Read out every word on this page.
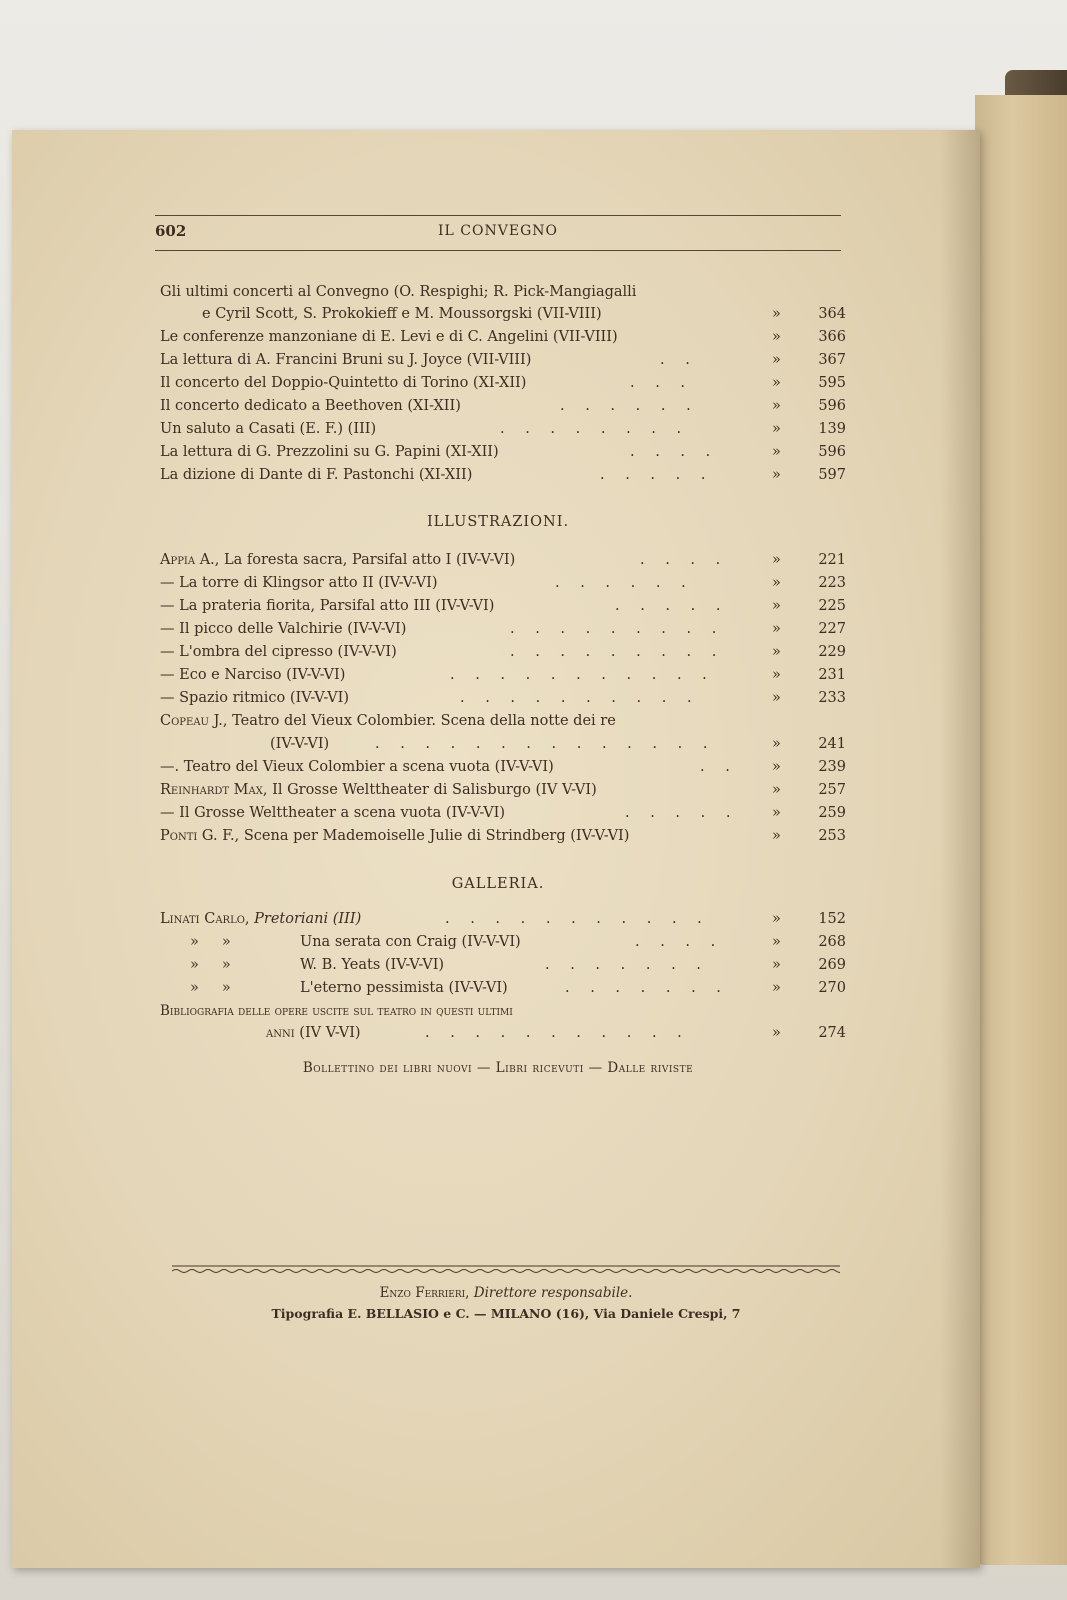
602	IL CONVEGNO
Gli ultimi concerti al Convegno (O. Respighi; R. Pick-Mangiagalli
e Cyril Scott, S. Prokokieff e M. Moussorgski (VII-VIII)	»	364
Le conferenze manzoniane di E. Levi e di C. Angelini (VII-VIII)	»	366
La lettura di A. Francini Bruni su J. Joyce (VII-VIII)	. .	»	367
Il concerto del Doppio-Quintetto di Torino (XI-XII)	. . .	»	595
Il concerto dedicato a Beethoven (XI-XII)	. . . . . .	»	596
Un saluto a Casati (E. F.) (III)	. . . . . . . .	»	139
La lettura di G. Prezzolini su G. Papini (XI-XII)	. . . .	»	596
La dizione di Dante di F. Pastonchi (XI-XII)	. . . . .	»	597
ILLUSTRAZIONI.
Appia A., La foresta sacra, Parsifal atto I (IV-V-VI)	. . . .	»	221
— La torre di Klingsor atto II (IV-V-VI)	. . . . . .	»	223
— La prateria fiorita, Parsifal atto III (IV-V-VI)	. . . . .	»	225
— Il picco delle Valchirie (IV-V-VI)	. . . . . . . . .	»	227
— L'ombra del cipresso (IV-V-VI)	. . . . . . . . .	»	229
— Eco e Narciso (IV-V-VI)	. . . . . . . . . . .	»	231
— Spazio ritmico (IV-V-VI)	. . . . . . . . . .	»	233
Copeau J., Teatro del Vieux Colombier. Scena della notte dei re
(IV-V-VI)	. . . . . . . . . . . . . .	»	241
—. Teatro del Vieux Colombier a scena vuota (IV-V-VI)	. . »	239
Reinhardt Max, Il Grosse Welttheater di Salisburgo (IV V-VI)	»	257
— Il Grosse Welttheater a scena vuota (IV-V-VI)	. . . . . »	259
Ponti G. F., Scena per Mademoiselle Julie di Strindberg (IV-V-VI)	»	253
GALLERIA.
Linati Carlo, Pretoriani (III)	. . . . . . . . . . .	»	152
»     »	Una serata con Craig (IV-V-VI)	. . . .	»	268
»     »	W. B. Yeats (IV-V-VI)	. . . . . . .	»	269
»     »	L'eterno pessimista (IV-V-VI)	. . . . . . .	»	270
Bibliografia delle opere uscite sul teatro in questi ultimi
anni (IV V-VI)	. . . . . . . . . . .	»	274
Bollettino dei libri nuovi — Libri ricevuti — Dalle riviste
Enzo Ferrieri, Direttore responsabile.
Tipografia E. BELLASIO e C. — MILANO (16), Via Daniele Crespi, 7
